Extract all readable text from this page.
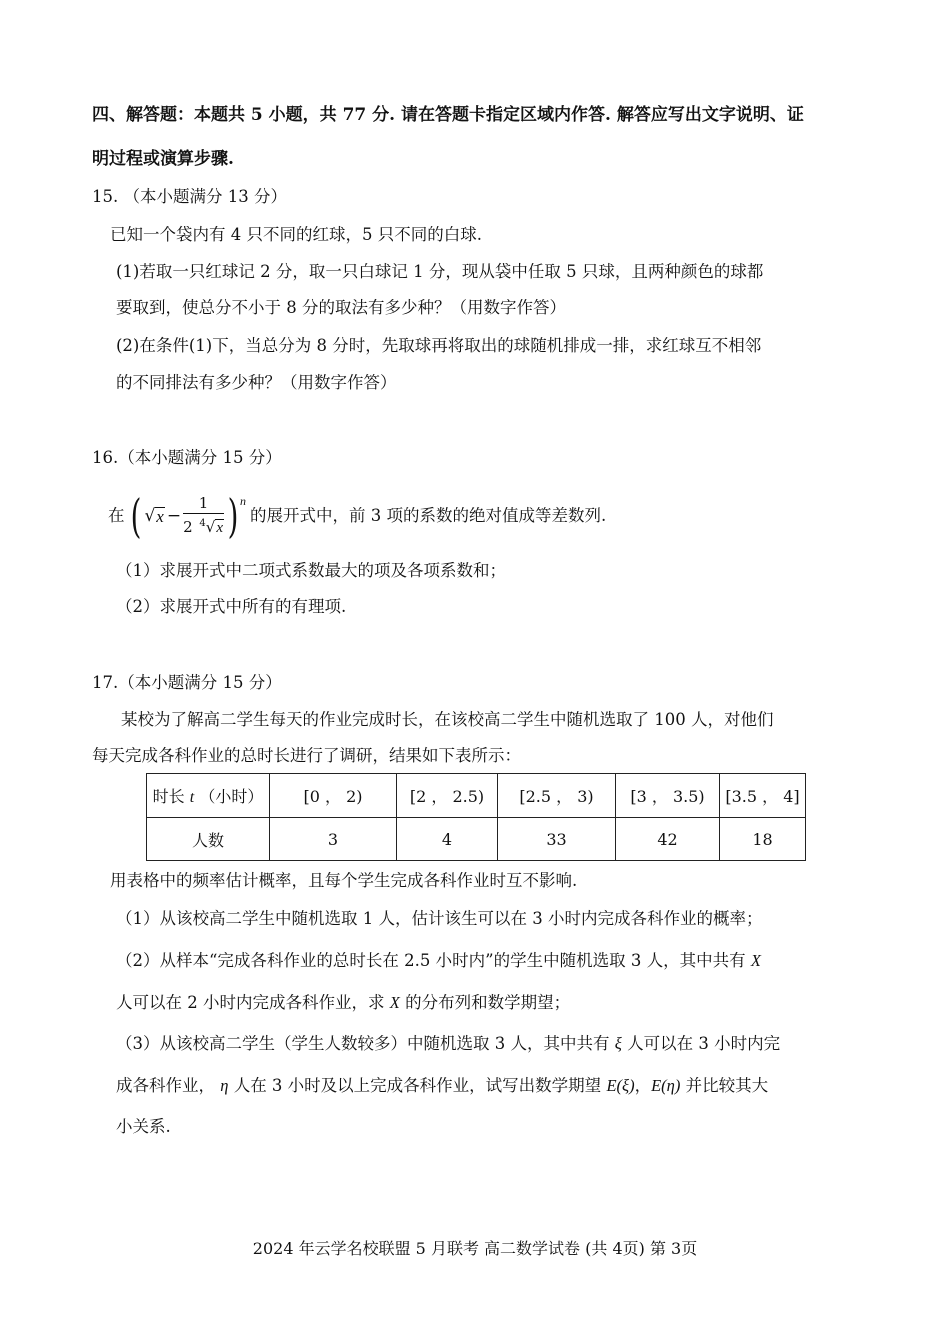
四、解答题：本题共 5 小题，共 77 分. 请在答题卡指定区域内作答. 解答应写出文字说明、证
明过程或演算步骤.
15. （本小题满分 13 分）
已知一个袋内有 4 只不同的红球，5 只不同的白球.
(1)若取一只红球记 2 分，取一只白球记 1 分，现从袋中任取 5 只球，且两种颜色的球都
要取到，使总分不小于 8 分的取法有多少种？（用数字作答）
(2)在条件(1)下，当总分为 8 分时，先取球再将取出的球随机排成一排，求红球互不相邻
的不同排法有多少种？（用数字作答）
16.（本小题满分 15 分）
在 ( √ $x - \frac{1}{2 ^4√x}$ ) n
的展开式中，前 3 项的系数的绝对值成等差数列.
（1）求展开式中二项式系数最大的项及各项系数和；
（2）求展开式中所有的有理项.
17.（本小题满分 15 分）
某校为了解高二学生每天的作业完成时长，在该校高二学生中随机选取了 100 人，对他们
每天完成各科作业的总时长进行了调研，结果如下表所示：
时长 t （小时）	[0 ， 2)	[2 ， 2.5)	[2.5 ， 3)	[3 ， 3.5)	[3.5 ， 4]
人数	3	4	33	42	18
用表格中的频率估计概率，且每个学生完成各科作业时互不影响.
（1）从该校高二学生中随机选取 1 人，估计该生可以在 3 小时内完成各科作业的概率；
（2）从样本“完成各科作业的总时长在 2.5 小时内”的学生中随机选取 3 人，其中共有 X
人可以在 2 小时内完成各科作业，求 X 的分布列和数学期望；
（3）从该校高二学生（学生人数较多）中随机选取 3 人，其中共有 ξ 人可以在 3 小时内完
成各科作业， η 人在 3 小时及以上完成各科作业，试写出数学期望 E(ξ)，E(η) 并比较其大
小关系.
2024 年云学名校联盟 5 月联考 高二数学试卷 (共 4页) 第 3页
